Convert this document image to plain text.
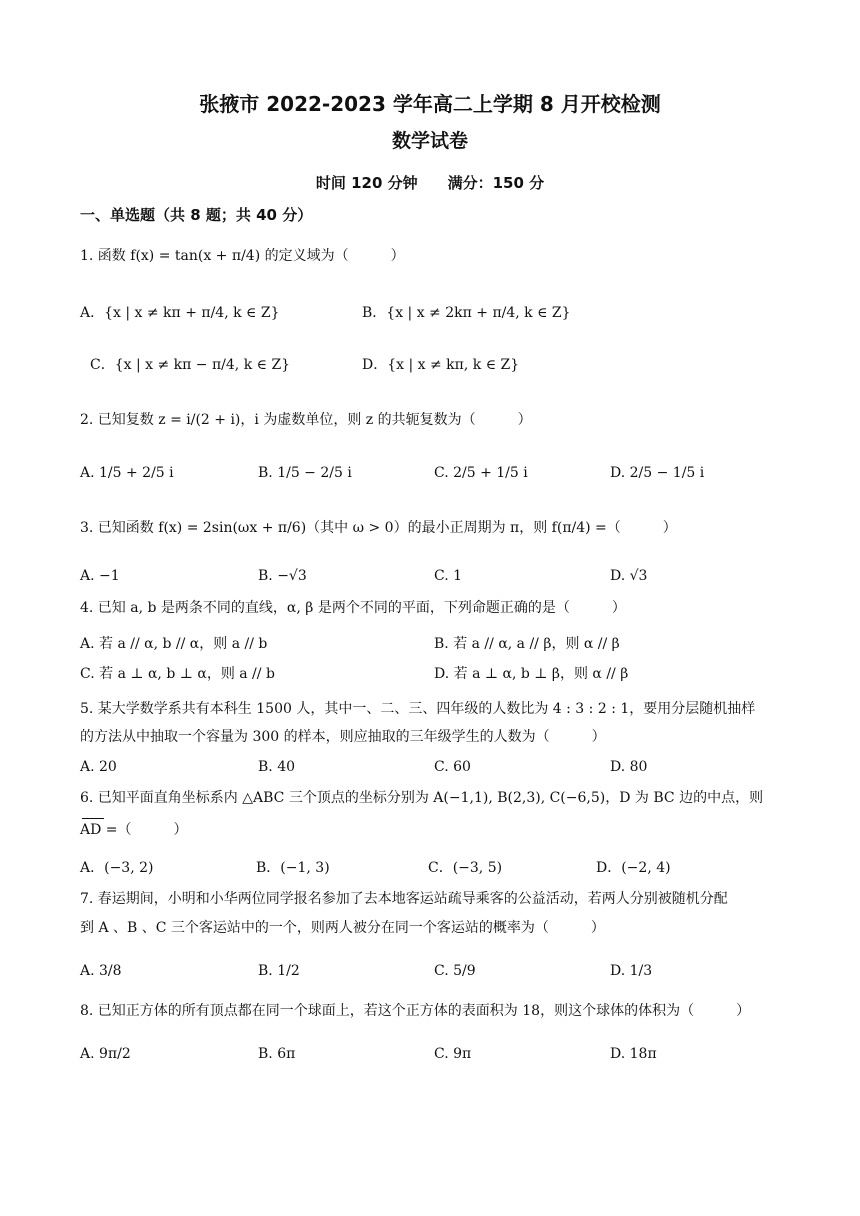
张掖市 2022-2023 学年高二上学期 8 月开校检测
数学试卷
时间 120 分钟　　满分：150 分
一、单选题（共 8 题；共 40 分）
1. 函数 f(x) = tan(x + π/4) 的定义域为（　　　）
A．{x | x ≠ kπ + π/4, k ∈ Z}	B．{x | x ≠ 2kπ + π/4, k ∈ Z}
C．{x | x ≠ kπ − π/4, k ∈ Z}	D．{x | x ≠ kπ, k ∈ Z}
2. 已知复数 z = i/(2 + i)，i 为虚数单位，则 z 的共轭复数为（　　　）
A. 1/5 + 2/5 i	B. 1/5 − 2/5 i	C. 2/5 + 1/5 i	D. 2/5 − 1/5 i
3. 已知函数 f(x) = 2sin(ωx + π/6)（其中 ω > 0）的最小正周期为 π，则 f(π/4) =（　　　）
A. −1	B. −√3	C. 1	D. √3
4. 已知 a, b 是两条不同的直线，α, β 是两个不同的平面，下列命题正确的是（　　　）
A. 若 a // α, b // α，则 a // b	B. 若 a // α, a // β，则 α // β
C. 若 a ⊥ α, b ⊥ α，则 a // b	D. 若 a ⊥ α, b ⊥ β，则 α // β
5. 某大学数学系共有本科生 1500 人，其中一、二、三、四年级的人数比为 4 : 3 : 2 : 1，要用分层随机抽样
的方法从中抽取一个容量为 300 的样本，则应抽取的三年级学生的人数为（　　　）
A. 20	B. 40	C. 60	D. 80
6. 已知平面直角坐标系内 △ABC 三个顶点的坐标分别为 A(−1,1), B(2,3), C(−6,5)，D 为 BC 边的中点，则
AD =（　　　）
A．(−3, 2)	B．(−1, 3)	C．(−3, 5)	D．(−2, 4)
7. 春运期间，小明和小华两位同学报名参加了去本地客运站疏导乘客的公益活动，若两人分别被随机分配
到 A 、B 、C 三个客运站中的一个，则两人被分在同一个客运站的概率为（　　　）
A. 3/8	B. 1/2	C. 5/9	D. 1/3
8. 已知正方体的所有顶点都在同一个球面上，若这个正方体的表面积为 18，则这个球体的体积为（　　　）
A. 9π/2	B. 6π	C. 9π	D. 18π
